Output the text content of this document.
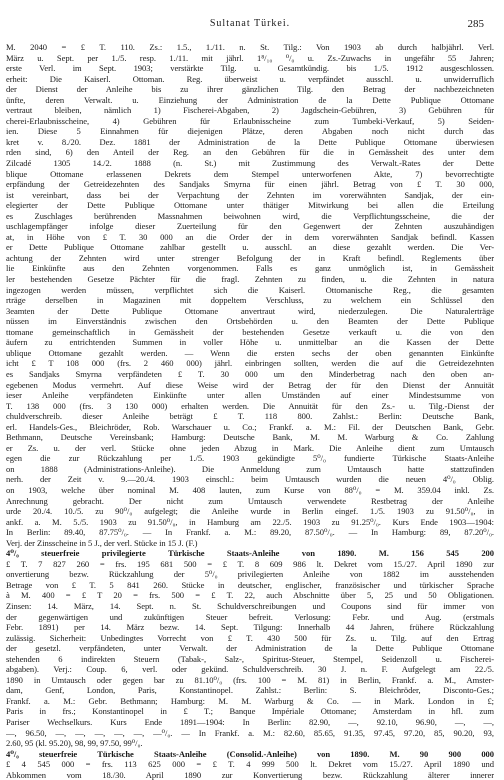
Sultanat Türkei.	285
M. 2040 = £ T. 110. Zs.: 1.5., 1./11. n. St. Tilg.: Von 1903 ab durch halbjährl. Verl.
März u. Sept. per 1./5. resp. 1./11. mit jährl. 1⁸/₁₀ ⁰/₀ u. Zs.-Zuwachs in ungefähr 55 Jahren;
erste Verl. im Sept. 1903; verstärkte Tilg. u. Gesamtkündig. bis 1./5. 1912 ausgeschlossen.
erheit: Die Kaiserl. Ottoman. Reg. überweist u. verpfändet ausschl. u. unwiderruflich
der Dienst der Anleihe bis zu ihrer gänzlichen Tilg. den Betrag der nachbezeichneten
ünfte, deren Verwalt. u. Einziehung der Administration de la Dette Publique Ottomane
vertraut bleiben, nämlich 1) Fischerei-Abgaben, 2) Jagdschein-Gebühren, 3) Gebühren für
cherei-Erlaubnisscheine, 4) Gebühren für Erlaubnisscheine zum Tumbeki-Verkauf, 5) Seiden-
ien. Diese 5 Einnahmen für diejenigen Plätze, deren Abgaben noch nicht durch das
kret v. 8./20. Dez. 1881 der Administration de la Dette Publique Ottomane überwiesen
rden sind, 6) den Anteil der Reg. an den Gebühren für die in Gemässheit des unter dem
Zilcadé 1305 14./2. 1888 (n. St.) mit Zustimmung des Verwalt.-Rates der Dette
blique Ottomane erlassenen Dekrets dem Stempel unterworfenen Akte, 7) bevorrechtigte
erpfändung der Getreidezehnten des Sandjaks Smyrna für einen jährl. Betrag von £ T. 30 000,
ist vereinbart, dass bei der Verpachtung der Zehnten im vorerwähnten Sandjak, der ein-
elegierter der Dette Publique Ottomane unter thätiger Mitwirkung bei allen die Erteilung
es Zuschlages berührenden Massnahmen beiwohnen wird, die Verpflichtungsscheine, die der
uschlagempfänger infolge dieser Zuerteilung für den Gegenwert der Zehnten auszuhändigen
at, in Höhe von £ T. 30 000 an die Order der in dem vorerwähnten Sandjak befindl. Kassen
er Dette Publique Ottomane zahlbar gestellt u. ausschl. an diese gezahlt werden. Die Ver-
achtung der Zehnten wird unter strenger Befolgung der in Kraft befindl. Reglements über
lie Einkünfte aus den Zehnten vorgenommen. Falls es ganz unmöglich ist, in Gemässheit
ler bestehenden Gesetze Pächter für die fragl. Zehnten zu finden, u. die Zehnten in natura
ingezogen werden müssen, verpflichtet sich die Kaiserl. Ottomanische Reg., die gesamten
rträge derselben in Magazinen mit doppeltem Verschluss, zu welchem ein Schlüssel den
3eamten der Dette Publique Ottomane anvertraut wird, niederzulegen. Die Naturalerträge
nüssen im Einverständnis zwischen den Ortsbehörden u. den Beamten der Dette Publique
ttomane gemeinschaftlich in Gemässheit der bestehenden Gesetze verkauft u. die von den
äufern zu entrichtenden Summen in voller Höhe u. unmittelbar an die Kassen der Dette
ublique Ottomane gezahlt werden. — Wenn die ersten sechs der oben genannten Einkünfte
icht £ T 108 000 (frs. 2 460 000) jährl. einbringen sollten, werden die auf die Getreidezehnten
es Sandjaks Smyrna verpfändeten £ T. 30 000 um den Minderbetrag nach den oben an-
egebenen Modus vermehrt. Auf diese Weise wird der Betrag der für den Dienst der Annuität
ieser Anleihe verpfändeten Einkünfte unter allen Umständen auf einer Mindestsumme von
T. 138 000 (frs. 3 130 000) erhalten werden. Die Annuität für den Zs.- u. Tilg.-Dienst der
chuldverschreib. dieser Anleihe beträgt £ T. 118 800. Zahlst.: Berlin: Deutsche Bank,
erl. Handels-Ges., Bleichröder, Rob. Warschauer u. Co.; Frankf. a. M.: Fil. der Deutschen Bank, Gebr.
Bethmann, Deutsche Vereinsbank; Hamburg: Deutsche Bank, M. M. Warburg & Co. Zahlung
er Zs. u. der verl. Stücke ohne jeden Abzug in Mark. Die Anleihe dient zum Umtausch
egen die zur Rückzahlung per 1./5. 1903 gekündigte 5⁰/₀ fundierte Türkische Staats-Anleihe
on 1888 (Administrations-Anleihe). Die Anmeldung zum Umtausch hatte stattzufinden
nerh. der Zeit v. 9.—20./4. 1903 einschl.: beim Umtausch wurden die neuen 4⁰/₀ Oblig.
on 1903, welche über nominal M. 408 lauten, zum Kurse von 88⁰/₀ = M. 359.04 inkl. Zs.
Anrechnung gebracht. Der nicht zum Umtausch verwendete Restbetrag der Anleihe
urde 20./4. 10./5. zu 90⁰/₀ aufgelegt; die Anleihe wurde in Berlin eingef. 1./5. 1903 zu 91.50⁰/₀, in
ankf. a. M. 5./5. 1903 zu 91.50⁰/₀, in Hamburg am 22./5. 1903 zu 91.25⁰/₀. Kurs Ende 1903—1904:
In Berlin: 89.40, 87.75⁰/₀. — In Frankf. a. M.: 89.20, 87.50⁰/₀. — In Hamburg: 89, 87.20⁰/₀.
Verj. der Zinsscheine in 5 J., der verl. Stücke in 15 J. (F.)
4⁰/₀ steuerfreie privilegierte Türkische Staats-Anleihe von 1890. M. 156 545 200
£ T. 7 827 260 = frs. 195 681 500 = £ T. 8 609 986 lt. Dekret vom 15./27. April 1890 zur
onvertierung bezw. Rückzahlung der 5⁰/₀ privilegierten Anleihe von 1882 im ausstehenden
Betrage von £ T. 5 841 260. Stücke in deutscher, englischer, französischer und türkischer Sprache
à M. 400 = £ T 20 = frs. 500 = £ T. 22, auch Abschnitte über 5, 25 und 50 Obligationen.
Zinsen: 14. März, 14. Sept. n. St. Schuldverschreibungen und Coupons sind für immer von
der gegenwärtigen und zukünftigen Steuer befreit. Verlosung: Febr. und Aug. (erstmals
Febr. 1891) per 14. März bezw. 14. Sept. Tilgung: Innerhalb 44 Jahren, frühere Rückzahlung
zulässig. Sicherheit: Unbedingtes Vorrecht von £ T. 430 500 für Zs. u. Tilg. auf den Ertrag
der gesetzl. verpfändeten, unter Verwalt. der Administration de la Dette Publique Ottomane
stehenden 6 indirekten Steuern (Tabak-, Salz-, Spiritus-Steuer, Stempel, Seidenzoll u. Fischerei-
abgaben). Verj.: Coup. 6, verl. oder gekünd. Schuldverschreib. 30 J. n. F. Aufgelegt am 22./5.
1890 in Umtausch oder gegen bar zu 81.10⁰/₀ (frs. 100 = M. 81) in Berlin, Frankf. a. M., Amster-
dam, Genf, London, Paris, Konstantinopel. Zahlst.: Berlin: S. Bleichröder, Disconto-Ges.;
Frankf. a. M.: Gebr. Bethmann; Hamburg: M. M. Warburg & Co. — in Mark. London in £;
Paris in frs.; Konstantinopel in £ T.; Banque Impériale Ottomane; Amsterdam in hfl. zum
Pariser Wechselkurs. Kurs Ende 1891—1904: In Berlin: 82.90, —, 92.10, 96.90, —, —,
—, 96.50, —, —, —, —, —, —⁰/₀. — In Frankf. a. M.: 82.60, 85.65, 91.35, 97.45, 97.20, 85, 90.20, 93,
2.60, 95 (kl. 95.20), 98, 99, 97.50, 99⁰/₀.
4⁰/₀ steuerfreie Türkische Staats-Anleihe (Consolid.-Anleihe) von 1890. M. 90 900 000
£ 4 545 000 = frs. 113 625 000 = £ T. 4 999 500 lt. Dekret vom 15./27. April 1890 und
Abkommen vom 18./30. April 1890 zur Konvertierung bezw. Rückzahlung älterer innerer
